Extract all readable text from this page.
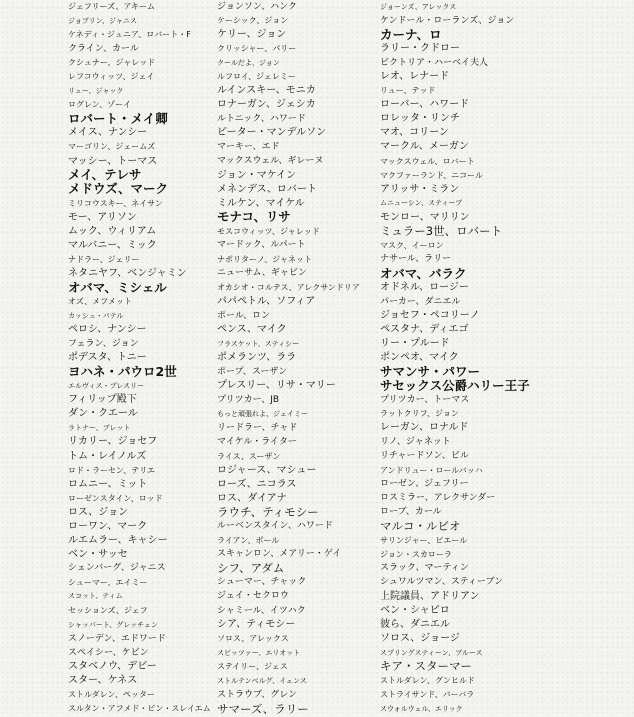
ジェフリーズ、アキーム
ジョブリン、ジャニス
ケネディ・ジュニア、ロバート・F
クライン、カール
クシュナー、ジャレッド
レフコウィッツ、ジェイ
リュー、ジャック
ログレン、ゾーイ
ロバート・メイ卿
メイス、ナンシー
マーゴリン、ジェームズ
マッシー、トーマス
メイ、テレサ
メドウズ、マーク
ミリコウスキー、ネイサン
モー、アリソン
ムック、ウィリアム
マルバニー、ミック
ナドラー、ジェリー
ネタニヤフ、ベンジャミン
オバマ、ミシェル
オズ、メフメット
カッシュ・パテル
ペロシ、ナンシー
フェラン、ジョン
ポデスタ、トニー
ヨハネ・パウロ2世
エルヴィス・プレスリー
フィリップ殿下
ダン・クエール
ラトナー、ブレット
リカリー、ジョセフ
トム・レイノルズ
ロド・ラーセン、テリエ
ロムニー、ミット
ローゼンスタイン、ロッド
ロス、ジョン
ローワン、マーク
ルエムラー、キャシー
ベン・サッセ
シェンバーグ、ジャニス
シューマー、エイミー
スコット、ティム
セッションズ、ジェフ
シャッパート、グレッチェン
スノーデン、エドワード
スペイシー、ケビン
スタベノウ、デビー
スター、ケネス
ストルダレン、ペッター
スルタン・アフメド・ビン・スレイエム
ジョンソン、ハンク
ケーシック、ジョン
ケリー、ジョン
クリッシャー、パリー
クールだよ、ジョン
ルフロイ、ジェレミー
ルインスキー、モニカ
ロナーガン、ジェシカ
ルトニック、ハワード
ピーター・マンデルソン
マーキー、エド
マックスウェル、ギレーヌ
ジョン・マケイン
メネンデス、ロバート
ミルケン、マイケル
モナコ、リサ
モスコウィッツ、ジャレッド
マードック、ルパート
ナポリターノ、ジャネット
ニューサム、ギャビン
オカシオ・コルテス、アレクサンドリア
パパペトル、ソフィア
ポール、ロン
ペンス、マイク
フラスケット、スティシー
ポメランツ、ララ
ポープ、スーザン
プレスリー、リサ・マリー
プリツカー、JB
もっと頑張れよ、ジェイミー
リードラー、チャド
マイケル・ライター
ライス、スーザン
ロジャース、マシュー
ローズ、ニコラス
ロス、ダイアナ
ラウチ、ティモシー
ルーベンスタイン、ハワード
ライアン、ポール
スキャンロン、メアリー・ゲイ
シフ、アダム
シューマー、チャック
ジェイ・セクロウ
シャミール、イツハク
シア、ティモシー
ソロス、アレックス
スピッツァー、エリオット
ステイリー、ジェス
ストルテンベルグ、イェンス
ストラウブ、グレン
サマーズ、ラリー
ジョーンズ、アレックス
ケンドール・ローランズ、ジョン
カーナ、ロ
ラリー・クドロー
ビクトリア・ハーベイ夫人
レオ、レナード
リュー、テッド
ローバー、ハワード
ロレッタ・リンチ
マオ、コリーン
マークル、メーガン
マックスウェル、ロバート
マクファーランド、ニコール
アリッサ・ミラン
ムニューシン、スティーブ
モンロー、マリリン
ミュラー3世、ロバート
マスク、イーロン
ナサール、ラリー
オバマ、バラク
オドネル、ロージー
パーカー、ダニエル
ジョセフ・ペコリーノ
ペスタナ、ディエゴ
リー・プルード
ポンペオ、マイク
サマンサ・パワー
サセックス公爵ハリー王子
プリツカー、トーマス
ラットクリフ、ジョン
レーガン、ロナルド
リノ、ジャネット
リチャードソン、ビル
アンドリュー・ロールバッハ
ローゼン、ジェフリー
ロスミラー、アレクサンダー
ローブ、カール
マルコ・ルビオ
サリンジャー、ピエール
ジョン・スカローラ
スラック、マーティン
シュワルツマン、スティーブン
上院議員、アドリアン
ベン・シャピロ
彼ら、ダニエル
ソロス、ジョージ
スプリングスティーン、ブルース
キア・スターマー
ストルダレン、グンヒルド
ストライサンド、バーバラ
スウォルウェル、エリック
